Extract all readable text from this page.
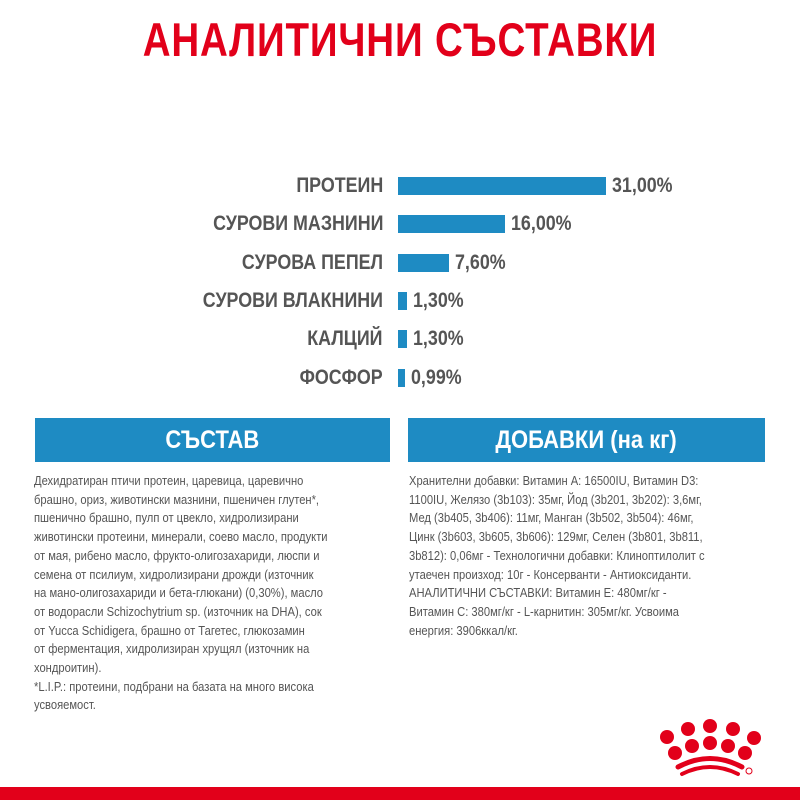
АНАЛИТИЧНИ СЪСТАВКИ
ПРОТЕИН	31,00%
СУРОВИ МАЗНИНИ	16,00%
СУРОВА ПЕПЕЛ	7,60%
СУРОВИ ВЛАКНИНИ 1,30%
КАЛЦИЙ 1,30%
ФОСФОР 0,99%
СЪСТАВ	ДОБАВКИ (на кг)
Дехидратиран птичи протеин, царевица, царевично
брашно, ориз, животински мазнини, пшеничен глутен*,
пшенично брашно, пулп от цвекло, хидролизирани
животински протеини, минерали, соево масло, продукти
от мая, рибено масло, фрукто-олигозахариди, люспи и
семена от псилиум, хидролизирани дрожди (източник
на мано-олигозахариди и бета-глюкани) (0,30%), масло
от водорасли Schizochytrium sp. (източник на DHA), сок
от Yucca Schidigera, брашно от Тагетес, глюкозамин
от ферментация, хидролизиран хрущял (източник на
хондроитин).
*L.I.P.: протеини, подбрани на базата на много висока
усвояемост.
Хранителни добавки: Витамин А: 16500IU, Витамин D3:
1100IU, Желязо (3b103): 35мг, Йод (3b201, 3b202): 3,6мг,
Мед (3b405, 3b406): 11мг, Манган (3b502, 3b504): 46мг,
Цинк (3b603, 3b605, 3b606): 129мг, Селен (3b801, 3b811,
3b812): 0,06мг - Технологични добавки: Клиноптилолит с
утаечен произход: 10г - Консерванти - Антиоксиданти.
АНАЛИТИЧНИ СЪСТАВКИ: Витамин Е: 480мг/кг -
Витамин С: 380мг/кг - L-карнитин: 305мг/кг. Усвоима
енергия: 3906ккал/кг.
